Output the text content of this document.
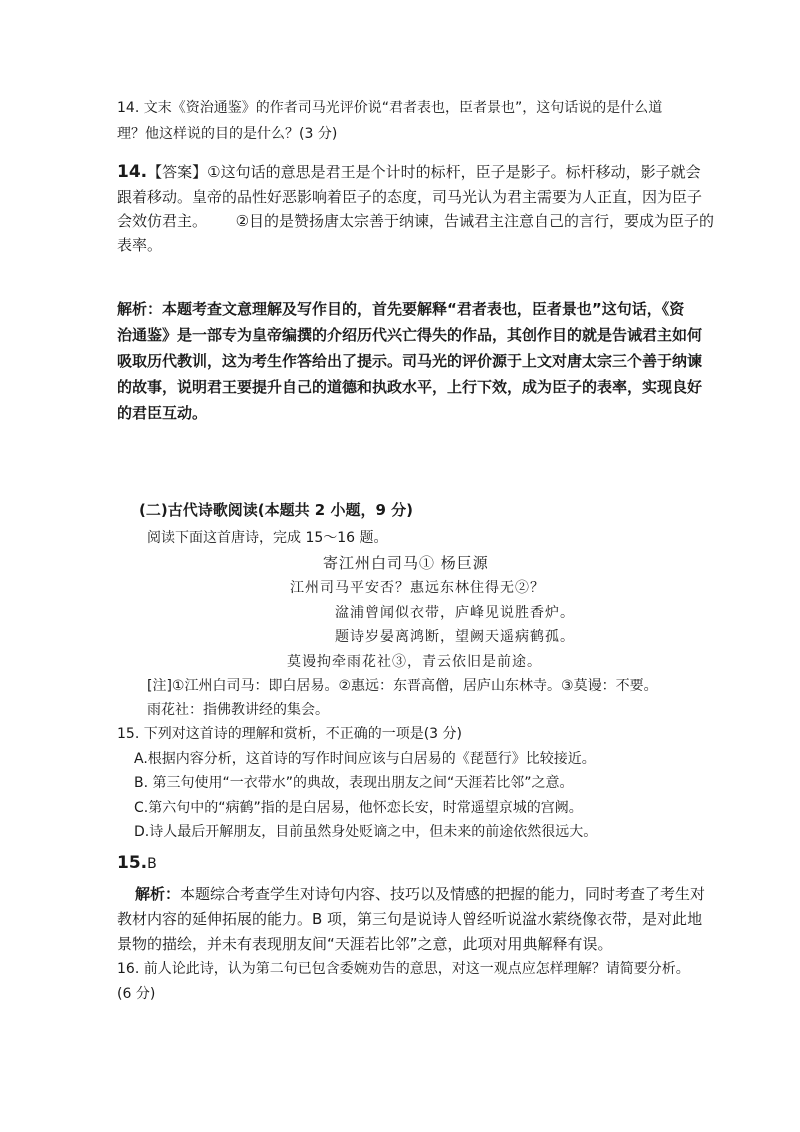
14. 文末《资治通鉴》的作者司马光评价说“君者表也，臣者景也”，这句话说的是什么道
理？他这样说的目的是什么？(3 分)
14.【答案】①这句话的意思是君王是个计时的标杆，臣子是影子。标杆移动，影子就会
跟着移动。皇帝的品性好恶影响着臣子的态度，司马光认为君主需要为人正直，因为臣子
会效仿君主。      ②目的是赞扬唐太宗善于纳谏，告诫君主注意自己的言行，要成为臣子的
表率。
解析：本题考查文意理解及写作目的，首先要解释“君者表也，臣者景也”这句话，《资
治通鉴》是一部专为皇帝编撰的介绍历代兴亡得失的作品，其创作目的就是告诫君主如何
吸取历代教训，这为考生作答给出了提示。司马光的评价源于上文对唐太宗三个善于纳谏
的故事，说明君王要提升自己的道德和执政水平，上行下效，成为臣子的表率，实现良好
的君臣互动。
(二)古代诗歌阅读(本题共 2 小题，9 分)
阅读下面这首唐诗，完成 15～16 题。
寄江州白司马① 杨巨源
江州司马平安否？惠远东林住得无②？
湓浦曾闻似衣带，庐峰见说胜香炉。
题诗岁晏离鸿断，望阙天遥病鹤孤。
莫谩拘牵雨花社③，青云依旧是前途。
[注]①江州白司马：即白居易。②惠远：东晋高僧，居庐山东林寺。③莫谩：不要。
雨花社：指佛教讲经的集会。
15. 下列对这首诗的理解和赏析，不正确的一项是(3 分)
A.根据内容分析，这首诗的写作时间应该与白居易的《琵琶行》比较接近。
B. 第三句使用“一衣带水”的典故，表现出朋友之间“天涯若比邻”之意。
C.第六句中的“病鹤”指的是白居易，他怀恋长安，时常遥望京城的宫阙。
D.诗人最后开解朋友，目前虽然身处贬谪之中，但未来的前途依然很远大。
15.B
解析：本题综合考查学生对诗句内容、技巧以及情感的把握的能力，同时考查了考生对
教材内容的延伸拓展的能力。B 项，第三句是说诗人曾经听说湓水萦绕像衣带，是对此地
景物的描绘，并未有表现朋友间“天涯若比邻”之意，此项对用典解释有误。
16. 前人论此诗，认为第二句已包含委婉劝告的意思，对这一观点应怎样理解？请简要分析。
(6 分)
